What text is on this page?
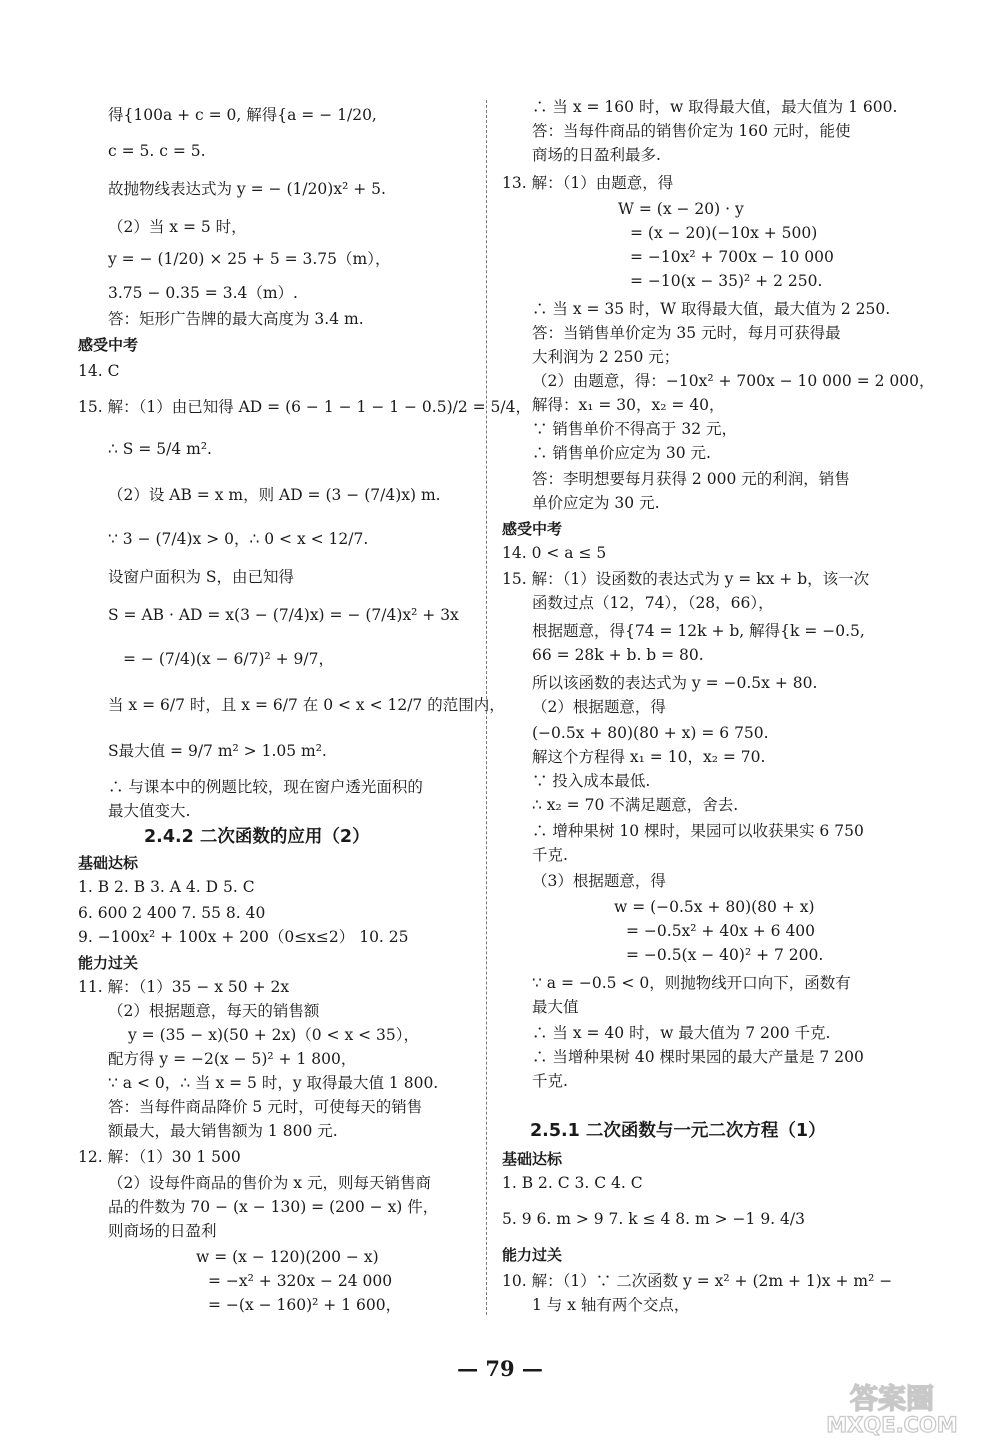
得{100a + c = 0, 解得{a = − 1/20,
c = 5. c = 5.
故抛物线表达式为 y = − (1/20)x² + 5.
（2）当 x = 5 时，
y = − (1/20) × 25 + 5 = 3.75（m），
3.75 − 0.35 = 3.4（m）.
答：矩形广告牌的最大高度为 3.4 m.
感受中考
14. C
15. 解：（1）由已知得 AD = (6 − 1 − 1 − 1 − 0.5)/2 = 5/4，
∴ S = 5/4 m².
（2）设 AB = x m，则 AD = (3 − (7/4)x) m.
∵ 3 − (7/4)x > 0，∴ 0 < x < 12/7.
设窗户面积为 S，由已知得
S = AB · AD = x(3 − (7/4)x) = − (7/4)x² + 3x
= − (7/4)(x − 6/7)² + 9/7，
当 x = 6/7 时，且 x = 6/7 在 0 < x < 12/7 的范围内，
S最大值 = 9/7 m² > 1.05 m².
∴ 与课本中的例题比较，现在窗户透光面积的
最大值变大.
2.4.2 二次函数的应用（2）
基础达标
1. B 2. B 3. A 4. D 5. C
6. 600 2 400 7. 55 8. 40
9. −100x² + 100x + 200（0≤x≤2） 10. 25
能力过关
11. 解：（1）35 − x 50 + 2x
（2）根据题意，每天的销售额
y = (35 − x)(50 + 2x)（0 < x < 35），
配方得 y = −2(x − 5)² + 1 800，
∵ a < 0，∴ 当 x = 5 时，y 取得最大值 1 800.
答：当每件商品降价 5 元时，可使每天的销售
额最大，最大销售额为 1 800 元.
12. 解：（1）30 1 500
（2）设每件商品的售价为 x 元，则每天销售商
品的件数为 70 − (x − 130) = (200 − x) 件，
则商场的日盈利
w = (x − 120)(200 − x)
= −x² + 320x − 24 000
= −(x − 160)² + 1 600，
∴ 当 x = 160 时，w 取得最大值，最大值为 1 600.
答：当每件商品的销售价定为 160 元时，能使
商场的日盈利最多.
13. 解：（1）由题意，得
W = (x − 20) · y
= (x − 20)(−10x + 500)
= −10x² + 700x − 10 000
= −10(x − 35)² + 2 250.
∴ 当 x = 35 时，W 取得最大值，最大值为 2 250.
答：当销售单价定为 35 元时，每月可获得最
大利润为 2 250 元；
（2）由题意，得：−10x² + 700x − 10 000 = 2 000，
解得：x₁ = 30，x₂ = 40，
∵ 销售单价不得高于 32 元，
∴ 销售单价应定为 30 元.
答：李明想要每月获得 2 000 元的利润，销售
单价应定为 30 元.
感受中考
14. 0 < a ≤ 5
15. 解：（1）设函数的表达式为 y = kx + b，该一次
函数过点（12，74），（28，66），
根据题意，得{74 = 12k + b, 解得{k = −0.5,
66 = 28k + b. b = 80.
所以该函数的表达式为 y = −0.5x + 80.
（2）根据题意，得
(−0.5x + 80)(80 + x) = 6 750.
解这个方程得 x₁ = 10，x₂ = 70.
∵ 投入成本最低.
∴ x₂ = 70 不满足题意，舍去.
∴ 增种果树 10 棵时，果园可以收获果实 6 750
千克.
（3）根据题意，得
w = (−0.5x + 80)(80 + x)
= −0.5x² + 40x + 6 400
= −0.5(x − 40)² + 7 200.
∵ a = −0.5 < 0，则抛物线开口向下，函数有
最大值
∴ 当 x = 40 时，w 最大值为 7 200 千克.
∴ 当增种果树 40 棵时果园的最大产量是 7 200
千克.
2.5.1 二次函数与一元二次方程（1）
基础达标
1. B 2. C 3. C 4. C
5. 9 6. m > 9 7. k ≤ 4 8. m > −1 9. 4/3
能力过关
10. 解：（1）∵ 二次函数 y = x² + (2m + 1)x + m² −
1 与 x 轴有两个交点，
— 79 —
答案圈
MXQE.COM
